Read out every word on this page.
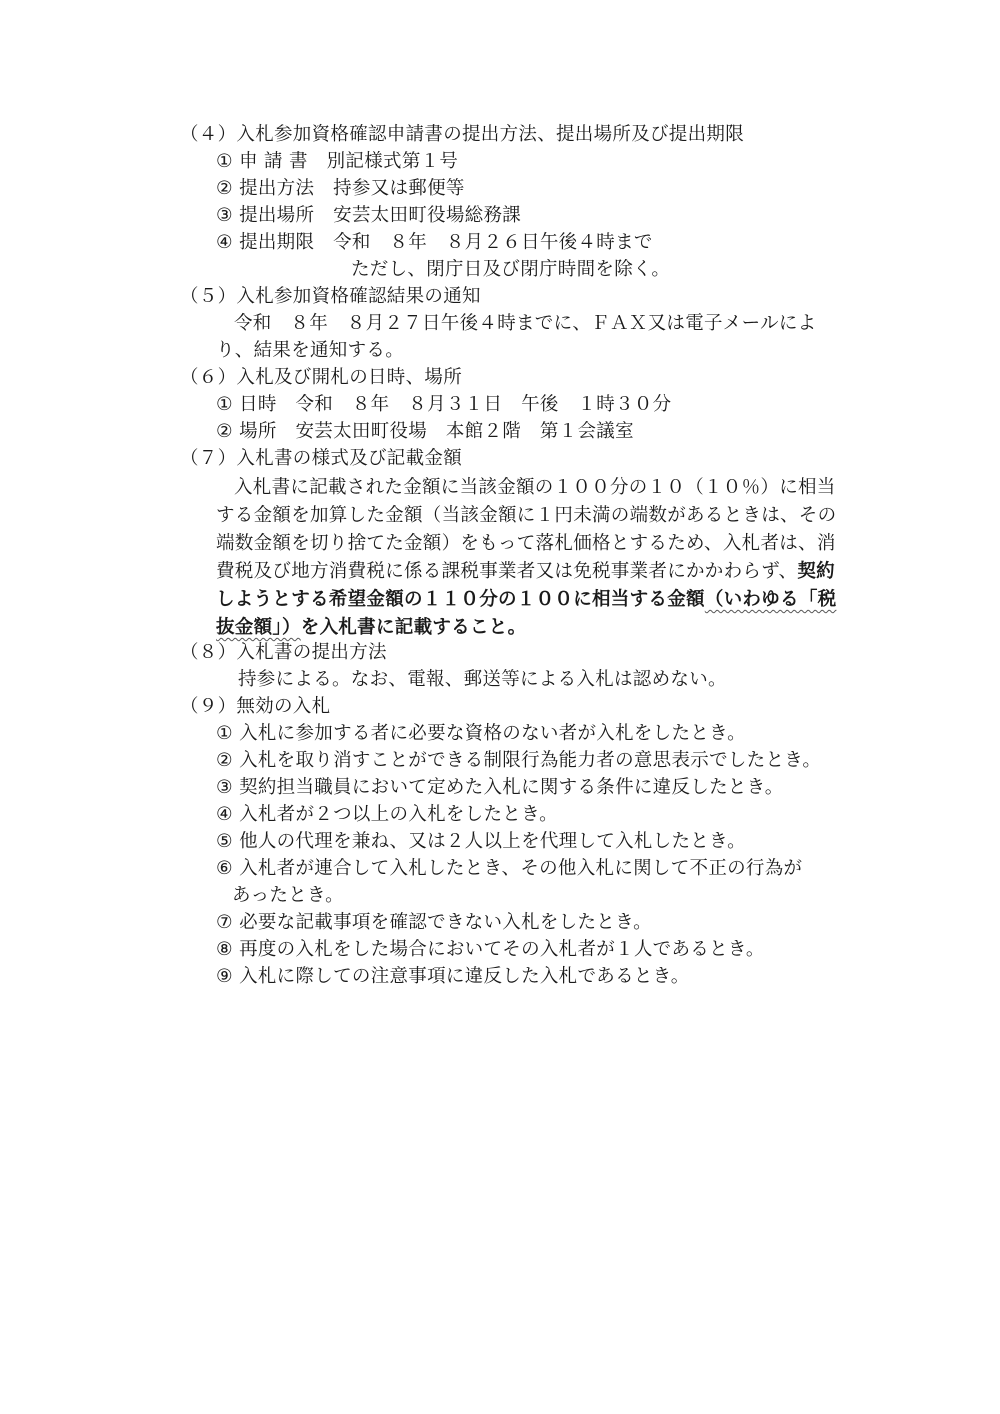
（４）入札参加資格確認申請書の提出方法、提出場所及び提出期限
① 申 請 書　別記様式第１号
② 提出方法　持参又は郵便等
③ 提出場所　安芸太田町役場総務課
④ 提出期限　令和　８年　８月２６日午後４時まで
ただし、閉庁日及び閉庁時間を除く。
（５）入札参加資格確認結果の通知
令和　８年　８月２７日午後４時までに、ＦＡＸ又は電子メールによ
り、結果を通知する。
（６）入札及び開札の日時、場所
① 日時　令和　８年　８月３１日　午後　１時３０分
② 場所　安芸太田町役場　本館２階　第１会議室
（７）入札書の様式及び記載金額
入札書に記載された金額に当該金額の１００分の１０（１０％）に相当
する金額を加算した金額（当該金額に１円未満の端数があるときは、その
端数金額を切り捨てた金額）をもって落札価格とするため、入札者は、消
費税及び地方消費税に係る課税事業者又は免税事業者にかかわらず、契約
しようとする希望金額の１１０分の１００に相当する金額（いわゆる「税
抜金額」）を入札書に記載すること。
（８）入札書の提出方法
持参による。なお、電報、郵送等による入札は認めない。
（９）無効の入札
① 入札に参加する者に必要な資格のない者が入札をしたとき。
② 入札を取り消すことができる制限行為能力者の意思表示でしたとき。
③ 契約担当職員において定めた入札に関する条件に違反したとき。
④ 入札者が２つ以上の入札をしたとき。
⑤ 他人の代理を兼ね、又は２人以上を代理して入札したとき。
⑥ 入札者が連合して入札したとき、その他入札に関して不正の行為が
あったとき。
⑦ 必要な記載事項を確認できない入札をしたとき。
⑧ 再度の入札をした場合においてその入札者が１人であるとき。
⑨ 入札に際しての注意事項に違反した入札であるとき。
